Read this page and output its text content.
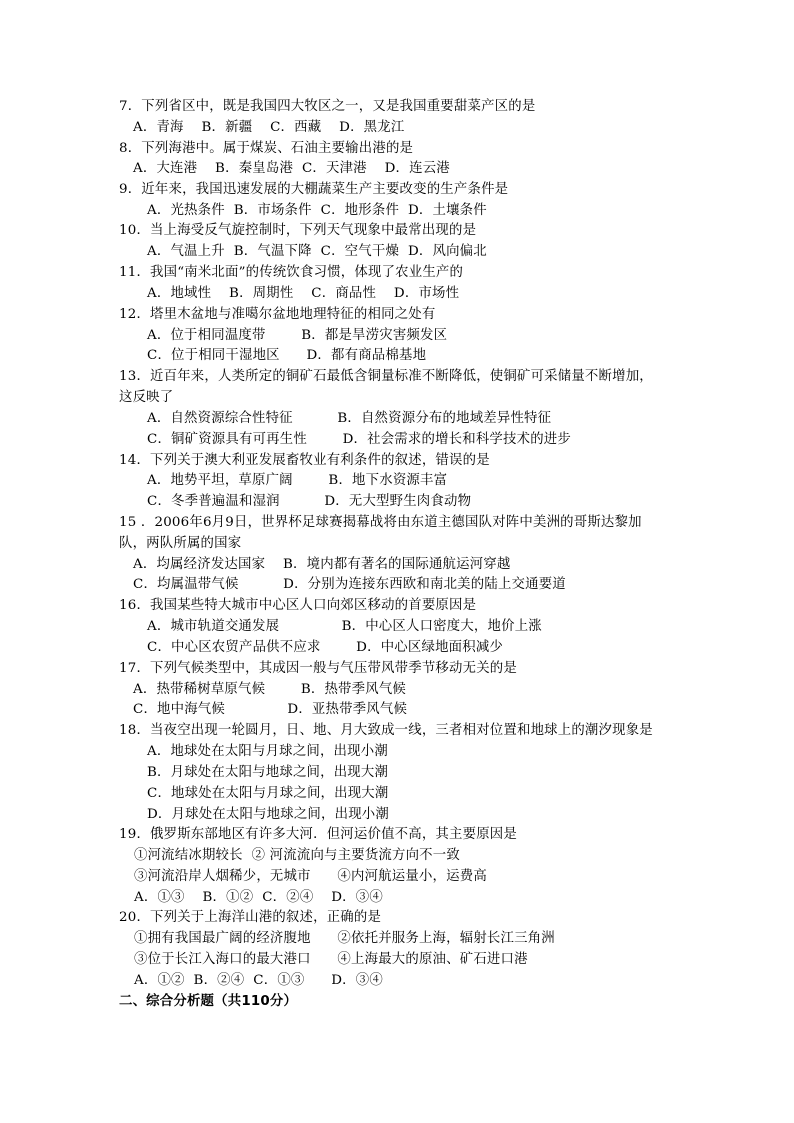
7．下列省区中，既是我国四大牧区之一，又是我国重要甜菜产区的是
A．青海    B．新疆    C．西藏    D．黑龙江
8．下列海港中。属于煤炭、石油主要输出港的是
A．大连港    B．秦皇岛港  C．天津港    D．连云港
9．近年来，我国迅速发展的大棚蔬菜生产主要改变的生产条件是
A．光热条件  B．市场条件  C．地形条件  D．土壤条件
10．当上海受反气旋控制时，下列天气现象中最常出现的是
A．气温上升  B．气温下降  C．空气干燥  D．风向偏北
11．我国“南米北面”的传统饮食习惯，体现了农业生产的
A．地域性    B．周期性    C．商品性    D．市场性
12．塔里木盆地与准噶尔盆地地理特征的相同之处有
A．位于相同温度带        B．都是旱涝灾害频发区
C．位于相同干湿地区      D．都有商品棉基地
13．近百年来，人类所定的铜矿石最低含铜量标准不断降低，使铜矿可采储量不断增加，
这反映了
A．自然资源综合性特征          B．自然资源分布的地域差异性特征
C．铜矿资源具有可再生性        D．社会需求的增长和科学技术的进步
14．下列关于澳大利亚发展畜牧业有利条件的叙述，错误的是
A．地势平坦，草原广阔        B．地下水资源丰富
C．冬季普遍温和湿润          D．无大型野生肉食动物
15 ．2006年6月9日，世界杯足球赛揭幕战将由东道主德国队对阵中美洲的哥斯达黎加
队，两队所属的国家
A．均属经济发达国家    B．境内都有著名的国际通航运河穿越
C．均属温带气候          D．分别为连接东西欧和南北美的陆上交通要道
16．我国某些特大城市中心区人口向郊区移动的首要原因是
A．城市轨道交通发展              B．中心区人口密度大，地价上涨
C．中心区农贸产品供不应求        D．中心区绿地面积减少
17．下列气候类型中，其成因一般与气压带风带季节移动无关的是
A．热带稀树草原气候        B．热带季风气候
C．地中海气候              D．亚热带季风气候
18．当夜空出现一轮圆月，日、地、月大致成一线，三者相对位置和地球上的潮汐现象是
A．地球处在太阳与月球之间，出现小潮
B．月球处在太阳与地球之间，出现大潮
C．地球处在太阳与月球之间，出现大潮
D．月球处在太阳与地球之间，出现小潮
19．俄罗斯东部地区有许多大河．但河运价值不高，其主要原因是
①河流结冰期较长  ② 河流流向与主要货流方向不一致
③河流沿岸人烟稀少，无城市      ④内河航运量小，运费高
A．①③    B．①②  C．②④    D．③④
20．下列关于上海洋山港的叙述，正确的是
①拥有我国最广阔的经济腹地      ②依托并服务上海，辐射长江三角洲
③位于长江入海口的最大港口      ④上海最大的原油、矿石进口港
A．①②  B．②④  C．①③      D．③④
二、综合分析题（共110分）
